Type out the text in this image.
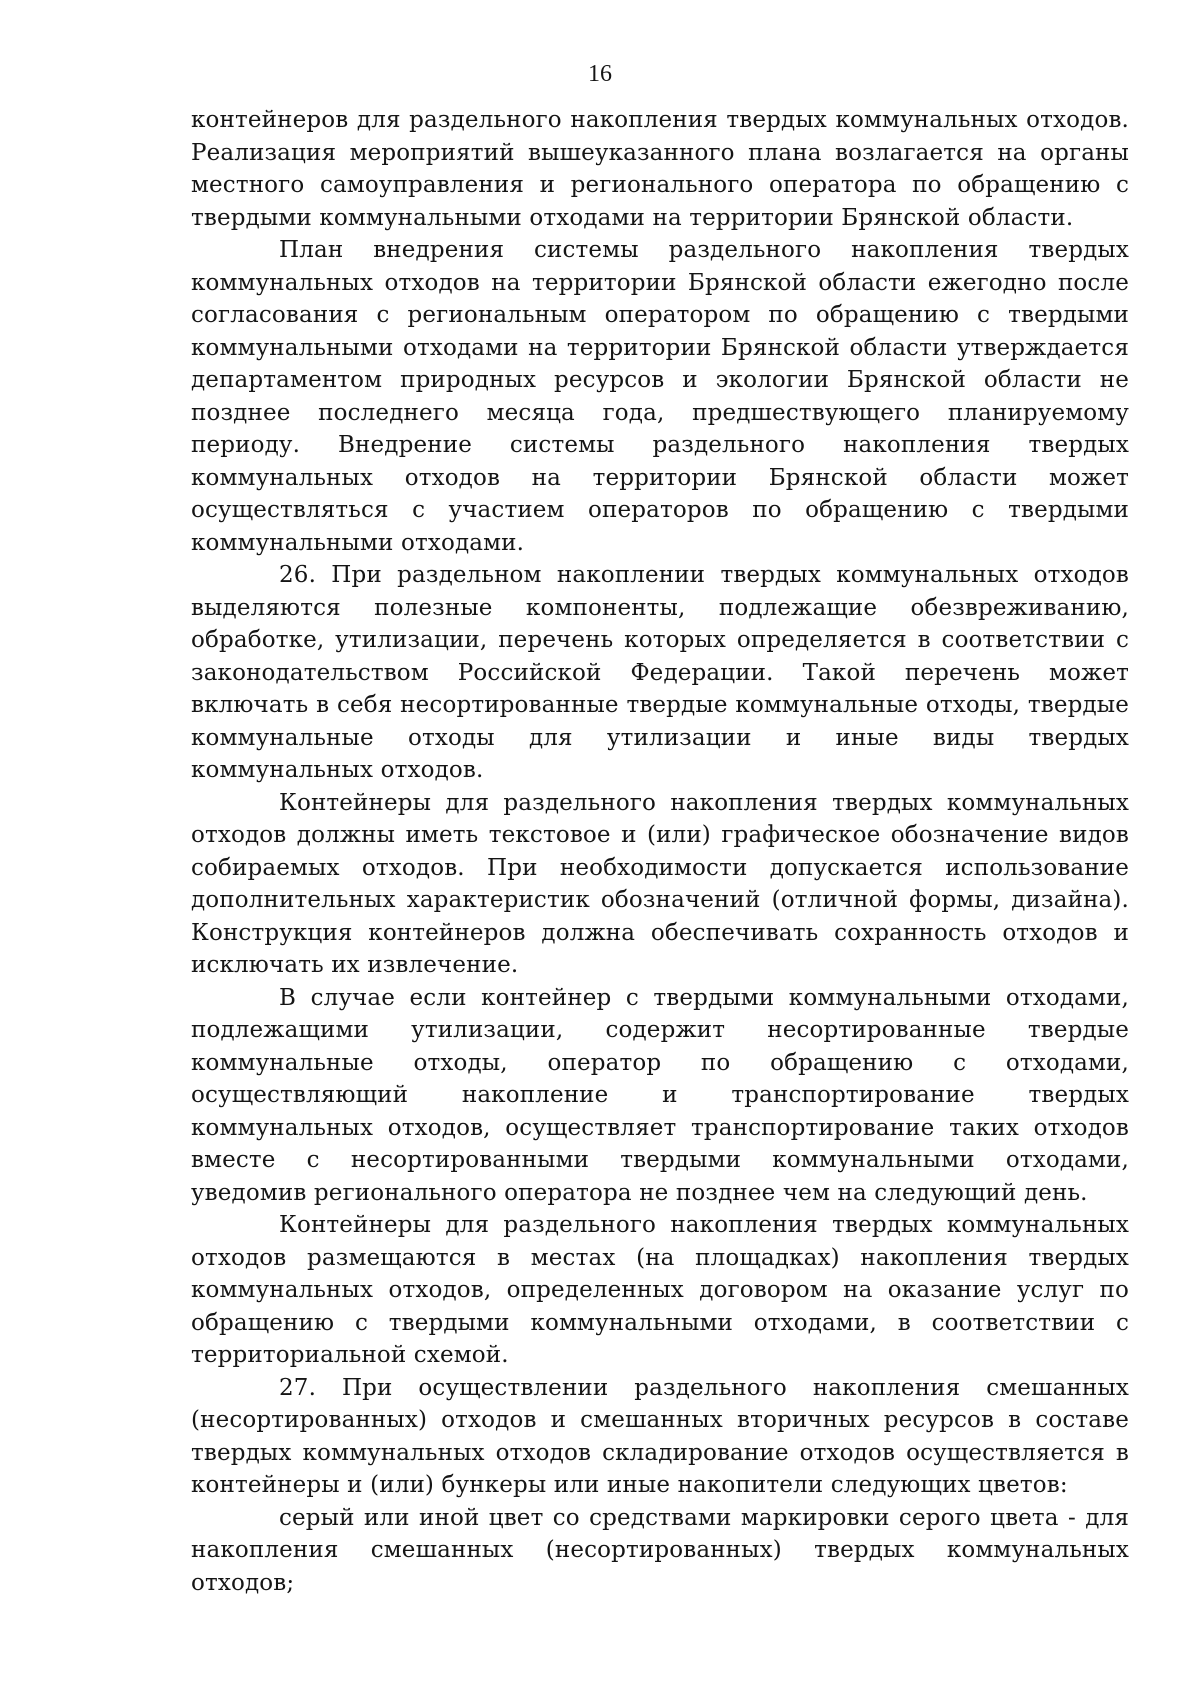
16

контейнеров для раздельного накопления твердых коммунальных отходов. Реализация мероприятий вышеуказанного плана возлагается на органы местного самоуправления и регионального оператора по обращению с твердыми коммунальными отходами на территории Брянской области.

План внедрения системы раздельного накопления твердых коммунальных отходов на территории Брянской области ежегодно после согласования с региональным оператором по обращению с твердыми коммунальными отходами на территории Брянской области утверждается департаментом природных ресурсов и экологии Брянской области не позднее последнего месяца года, предшествующего планируемому периоду. Внедрение системы раздельного накопления твердых коммунальных отходов на территории Брянской области может осуществляться с участием операторов по обращению с твердыми коммунальными отходами.

26. При раздельном накоплении твердых коммунальных отходов выделяются полезные компоненты, подлежащие обезвреживанию, обработке, утилизации, перечень которых определяется в соответствии с законодательством Российской Федерации. Такой перечень может включать в себя несортированные твердые коммунальные отходы, твердые коммунальные отходы для утилизации и иные виды твердых коммунальных отходов.

Контейнеры для раздельного накопления твердых коммунальных отходов должны иметь текстовое и (или) графическое обозначение видов собираемых отходов. При необходимости допускается использование дополнительных характеристик обозначений (отличной формы, дизайна). Конструкция контейнеров должна обеспечивать сохранность отходов и исключать их извлечение.

В случае если контейнер с твердыми коммунальными отходами, подлежащими утилизации, содержит несортированные твердые коммунальные отходы, оператор по обращению с отходами, осуществляющий накопление и транспортирование твердых коммунальных отходов, осуществляет транспортирование таких отходов вместе с несортированными твердыми коммунальными отходами, уведомив регионального оператора не позднее чем на следующий день.

Контейнеры для раздельного накопления твердых коммунальных отходов размещаются в местах (на площадках) накопления твердых коммунальных отходов, определенных договором на оказание услуг по обращению с твердыми коммунальными отходами, в соответствии с территориальной схемой.

27. При осуществлении раздельного накопления смешанных (несортированных) отходов и смешанных вторичных ресурсов в составе твердых коммунальных отходов складирование отходов осуществляется в контейнеры и (или) бункеры или иные накопители следующих цветов:

серый или иной цвет со средствами маркировки серого цвета - для накопления смешанных (несортированных) твердых коммунальных отходов;
